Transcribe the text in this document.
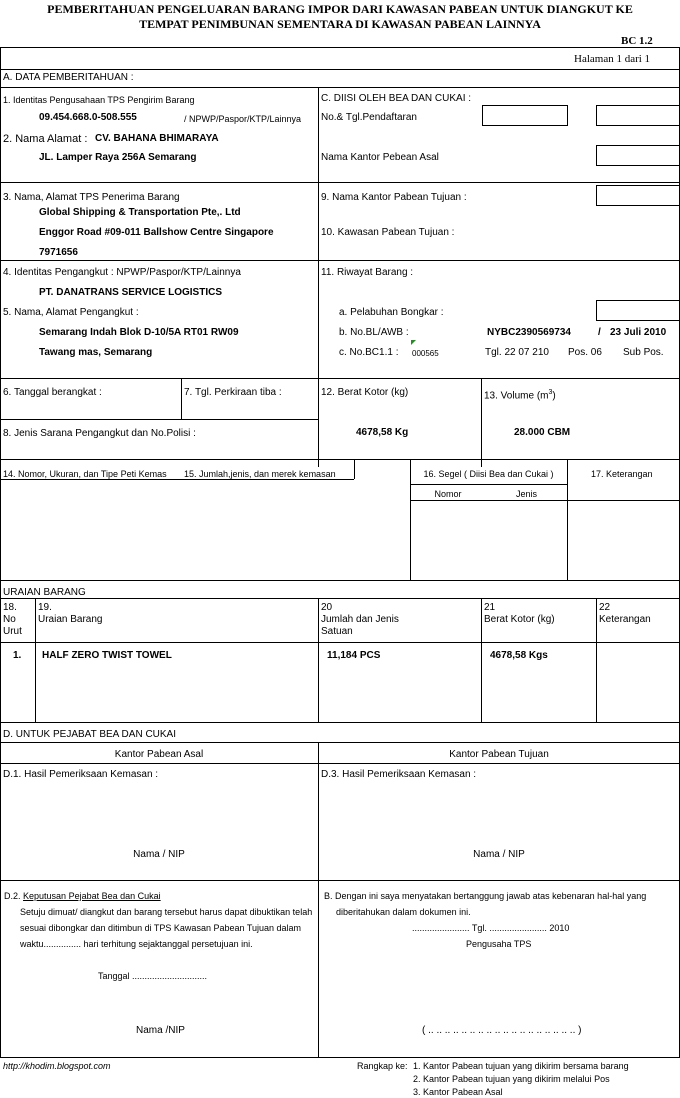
PEMBERITAHUAN PENGELUARAN BARANG IMPOR DARI KAWASAN PABEAN UNTUK DIANGKUT KE
TEMPAT PENIMBUNAN SEMENTARA DI KAWASAN PABEAN LAINNYA
BC 1.2
Halaman 1 dari 1
A. DATA PEMBERITAHUAN :
1. Identitas Pengusahaan TPS Pengirim Barang
09.454.668.0-508.555	/ NPWP/Paspor/KTP/Lainnya
2. Nama Alamat : CV. BAHANA BHIMARAYA
JL. Lamper Raya 256A Semarang
3. Nama, Alamat TPS Penerima Barang
Global Shipping & Transportation Pte,. Ltd
Enggor Road #09-011 Ballshow Centre Singapore
7971656
4. Identitas Pengangkut : NPWP/Paspor/KTP/Lainnya
PT. DANATRANS SERVICE LOGISTICS
5. Nama, Alamat Pengangkut :
Semarang Indah Blok D-10/5A RT01 RW09
Tawang mas, Semarang
6. Tanggal berangkat :	7. Tgl. Perkiraan tiba :
8. Jenis Sarana Pengangkut dan No.Polisi :
C. DIISI OLEH BEA DAN CUKAI :
No.& Tgl.Pendaftaran
Nama Kantor Pebean Asal
9. Nama Kantor Pabean Tujuan :
10. Kawasan Pabean Tujuan :
11. Riwayat Barang :
a. Pelabuhan Bongkar :
b. No.BL/AWB :	NYBC2390569734	/ 23 Juli 2010
c. No.BC1.1 : 000565	Tgl. 22 07 210 Pos. 06 Sub Pos.
12. Berat Kotor (kg)
4678,58 Kg
13. Volume $(m^3)$
28.000 CBM
14. Nomor, Ukuran, dan Tipe Peti Kemas 15. Jumlah,jenis, dan merek kemasan	16. Segel ( Diisi Bea dan Cukai )	17. Keterangan
Nomor	Jenis
URAIAN BARANG
18.
No
Urut
19.
Uraian Barang
20
Jumlah dan Jenis
Satuan
21
Berat Kotor (kg)
22
Keterangan
1. HALF ZERO TWIST TOWEL	11,184 PCS	4678,58 Kgs
D. UNTUK PEJABAT BEA DAN CUKAI
Kantor Pabean Asal	Kantor Pabean Tujuan
D.1. Hasil Pemeriksaan Kemasan :	D.3. Hasil Pemeriksaan Kemasan :
Nama / NIP	Nama / NIP
D.2. Keputusan Pejabat Bea dan Cukai
Setuju dimuat/ diangkut dan barang tersebut harus dapat dibuktikan telah
sesuai dibongkar dan ditimbun di TPS Kawasan Pabean Tujuan dalam
waktu............... hari terhitung sejaktanggal persetujuan ini.
Tanggal ..............................
Nama /NIP
B. Dengan ini saya menyatakan bertanggung jawab atas kebenaran hal-hal yang
diberitahukan dalam dokumen ini.
....................... Tgl. ....................... 2010
Pengusaha TPS
( .. .. .. .. .. .. .. .. .. .. .. .. .. .. .. .. .. .. )
http://khodim.blogspot.com	Rangkap ke: 1. Kantor Pabean tujuan yang dikirim bersama barang
2. Kantor Pabean tujuan yang dikirim melalui Pos
3. Kantor Pabean Asal
